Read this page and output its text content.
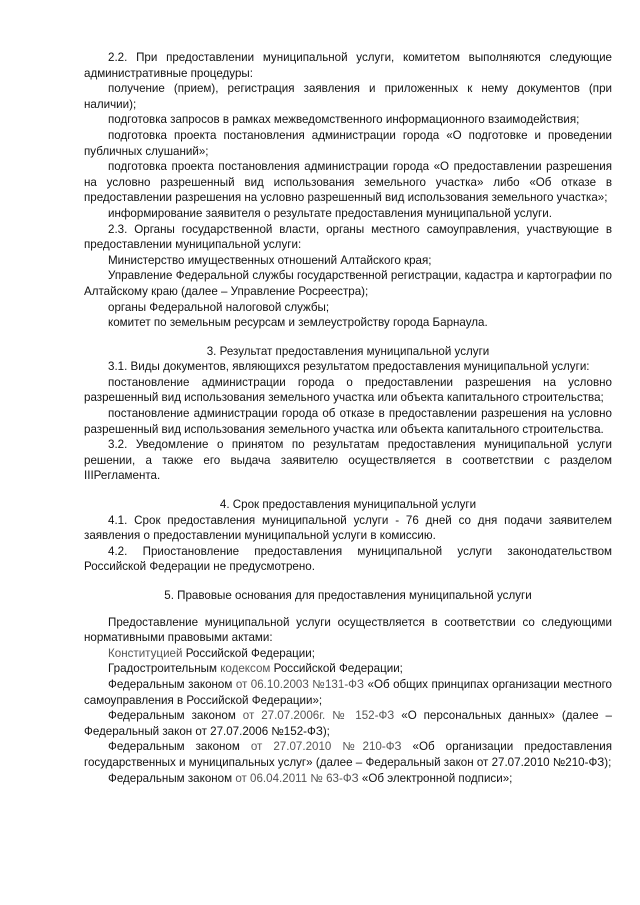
2.2. При предоставлении муниципальной услуги, комитетом выполняются следующие административные процедуры:

получение (прием), регистрация заявления и приложенных к нему документов (при наличии);

подготовка запросов в рамках межведомственного информационного взаимодействия;

подготовка проекта постановления администрации города «О подготовке и проведении публичных слушаний»;

подготовка проекта постановления администрации города «О предоставлении разрешения на условно разрешенный вид использования земельного участка» либо «Об отказе в предоставлении разрешения на условно разрешенный вид использования земельного участка»;

информирование заявителя о результате предоставления муниципальной услуги.

2.3. Органы государственной власти, органы местного самоуправления, участвующие в предоставлении муниципальной услуги:

Министерство имущественных отношений Алтайского края;

Управление Федеральной службы государственной регистрации, кадастра и картографии по Алтайскому краю (далее – Управление Росреестра);

органы Федеральной налоговой службы;

комитет по земельным ресурсам и землеустройству города Барнаула.

3. Результат предоставления муниципальной услуги

3.1. Виды документов, являющихся результатом предоставления муниципальной услуги:

постановление администрации города о предоставлении разрешения на условно разрешенный вид использования земельного участка или объекта капитального строительства;

постановление администрации города об отказе в предоставлении разрешения на условно разрешенный вид использования земельного участка или объекта капитального строительства.

3.2. Уведомление о принятом по результатам предоставления муниципальной услуги решении, а также его выдача заявителю осуществляется в соответствии с разделом IIIРегламента.

4. Срок предоставления муниципальной услуги

4.1. Срок предоставления муниципальной услуги - 76 дней со дня подачи заявителем заявления о предоставлении муниципальной услуги в комиссию.

4.2. Приостановление предоставления муниципальной услуги законодательством Российской Федерации не предусмотрено.

5. Правовые основания для предоставления муниципальной услуги

Предоставление муниципальной услуги осуществляется в соответствии со следующими нормативными правовыми актами:

Конституцией Российской Федерации;

Градостроительным кодексом Российской Федерации;

Федеральным законом от 06.10.2003 №131-ФЗ «Об общих принципах организации местного самоуправления в Российской Федерации»;

Федеральным законом от 27.07.2006г. № 152-ФЗ «О персональных данных» (далее – Федеральный закон от 27.07.2006 №152-ФЗ);

Федеральным законом от 27.07.2010 №210-ФЗ «Об организации предоставления государственных и муниципальных услуг» (далее – Федеральный закон от 27.07.2010 №210-ФЗ);

Федеральным законом от 06.04.2011 № 63-ФЗ «Об электронной подписи»;
